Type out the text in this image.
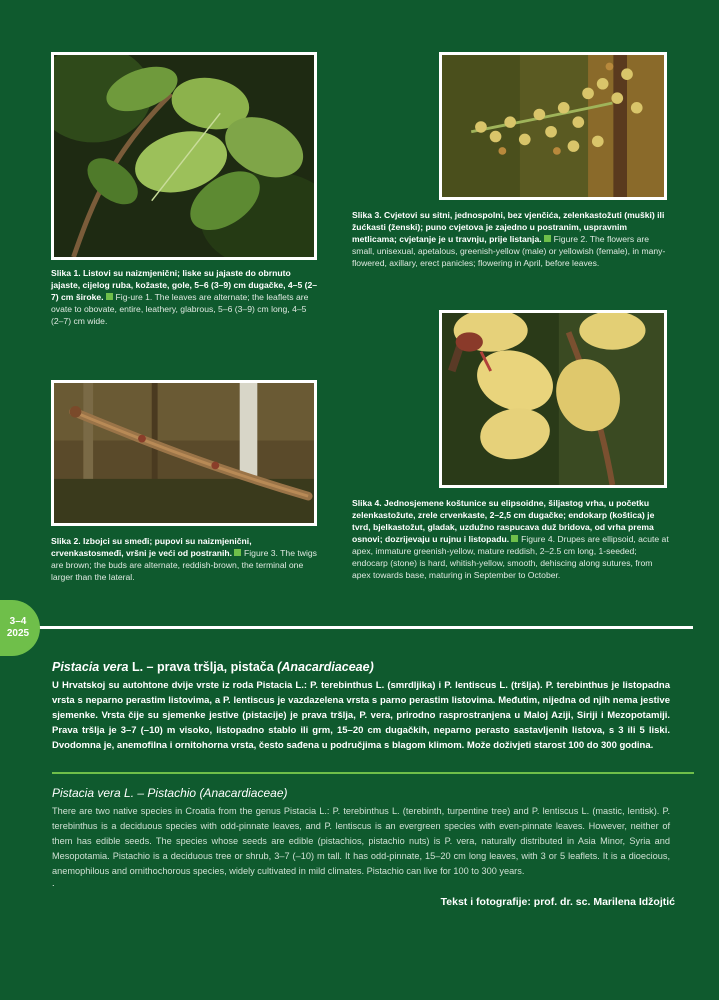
Slika 1. Listovi su naizmjenični; liske su jajaste do obrnuto jajaste, cijelog ruba, kožaste, gole, 5–6 (3–9) cm dugačke, 4–5 (2–7) cm široke. Fig-ure 1. The leaves are alternate; the leaflets are ovate to obovate, entire, leathery, glabrous, 5–6 (3–9) cm long, 4–5 (2–7) cm wide.
Slika 3. Cvjetovi su sitni, jednospolni, bez vjenčića, zelenkastožuti (muški) ili žućkasti (ženski); puno cvjetova je zajedno u postranim, uspravnim metlicama; cvjetanje je u travnju, prije listanja. Figure 2. The flowers are small, unisexual, apetalous, greenish-yellow (male) or yellowish (female), in many-flowered, axillary, erect panicles; flowering in April, before leaves.
Slika 4. Jednosjemene koštunice su elipsoidne, šiljastog vrha, u početku zelenkastožute, zrele crvenkaste, 2–2,5 cm dugačke; endokarp (koštica) je tvrd, bjelkastožut, gladak, uzdužno raspucava duž bridova, od vrha prema osnovi; dozrijevaju u rujnu i listopadu. Figure 4. Drupes are ellipsoid, acute at apex, immature greenish-yellow, mature reddish, 2–2.5 cm long, 1-seeded; endocarp (stone) is hard, whitish-yellow, smooth, dehiscing along sutures, from apex towards base, maturing in September to October.
Slika 2. Izbojci su smeđi; pupovi su naizmjenični, crvenkastosmeđi, vršni je veći od postranih. Figure 3. The twigs are brown; the buds are alternate, reddish-brown, the terminal one larger than the lateral.
3–4
2025
Pistacia vera L. – prava tršlja, pistača (Anacardiaceae)
U Hrvatskoj su autohtone dvije vrste iz roda Pistacia L.: P. terebinthus L. (smrdljika) i P. lentiscus L. (tršlja). P. terebinthus je listopadna vrsta s neparno perastim listovima, a P. lentiscus je vazdazelena vrsta s parno perastim listovima. Međutim, nijedna od njih nema jestive sjemenke. Vrsta čije su sjemenke jestive (pistacije) je prava tršlja, P. vera, prirodno rasprostranjena u Maloj Aziji, Siriji i Mezopotamiji. Prava tršlja je 3–7 (–10) m visoko, listopadno stablo ili grm, 15–20 cm dugačkih, neparno perasto sastavljenih listova, s 3 ili 5 liski. Dvodomna je, anemofilna i ornitohorna vrsta, često sađena u područjima s blagom klimom. Može doživjeti starost 100 do 300 godina.
Pistacia vera L. – Pistachio (Anacardiaceae)
There are two native species in Croatia from the genus Pistacia L.: P. terebinthus L. (terebinth, turpentine tree) and P. lentiscus L. (mastic, lentisk). P. terebinthus is a deciduous species with odd-pinnate leaves, and P. lentiscus is an evergreen species with even-pinnate leaves. However, neither of them has edible seeds. The species whose seeds are edible (pistachios, pistachio nuts) is P. vera, naturally distributed in Asia Minor, Syria and Mesopotamia. Pistachio is a deciduous tree or shrub, 3–7 (–10) m tall. It has odd-pinnate, 15–20 cm long leaves, with 3 or 5 leaflets. It is a dioecious, anemophilous and ornithochorous species, widely cultivated in mild climates. Pistachio can live for 100 to 300 years.
.
Tekst i fotografije: prof. dr. sc. Marilena Idžojtić
